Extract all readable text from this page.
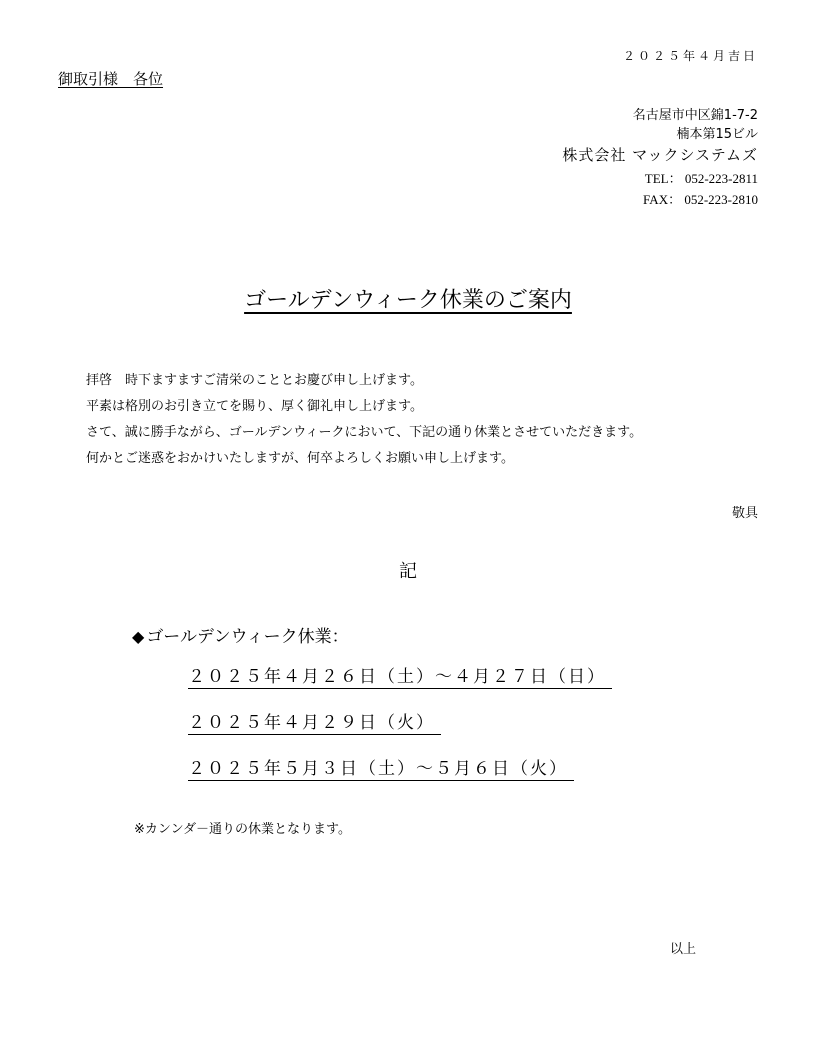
２０２５年４月吉日
御取引様　各位
名古屋市中区錦1-7-2
楠本第15ビル
株式会社 マックシステムズ
TEL： 052-223-2811
FAX： 052-223-2810
ゴールデンウィーク休業のご案内
拝啓　時下ますますご清栄のこととお慶び申し上げます。
平素は格別のお引き立てを賜り、厚く御礼申し上げます。
さて、誠に勝手ながら、ゴールデンウィークにおいて、下記の通り休業とさせていただきます。
何かとご迷惑をおかけいたしますが、何卒よろしくお願い申し上げます。
敬具
記
◆ ゴールデンウィーク休業：
２０２５年４月２６日（土）～４月２７日（日）
２０２５年４月２９日（火）
２０２５年５月３日（土）～５月６日（火）
※カンンダ－通りの休業となります。
以上
